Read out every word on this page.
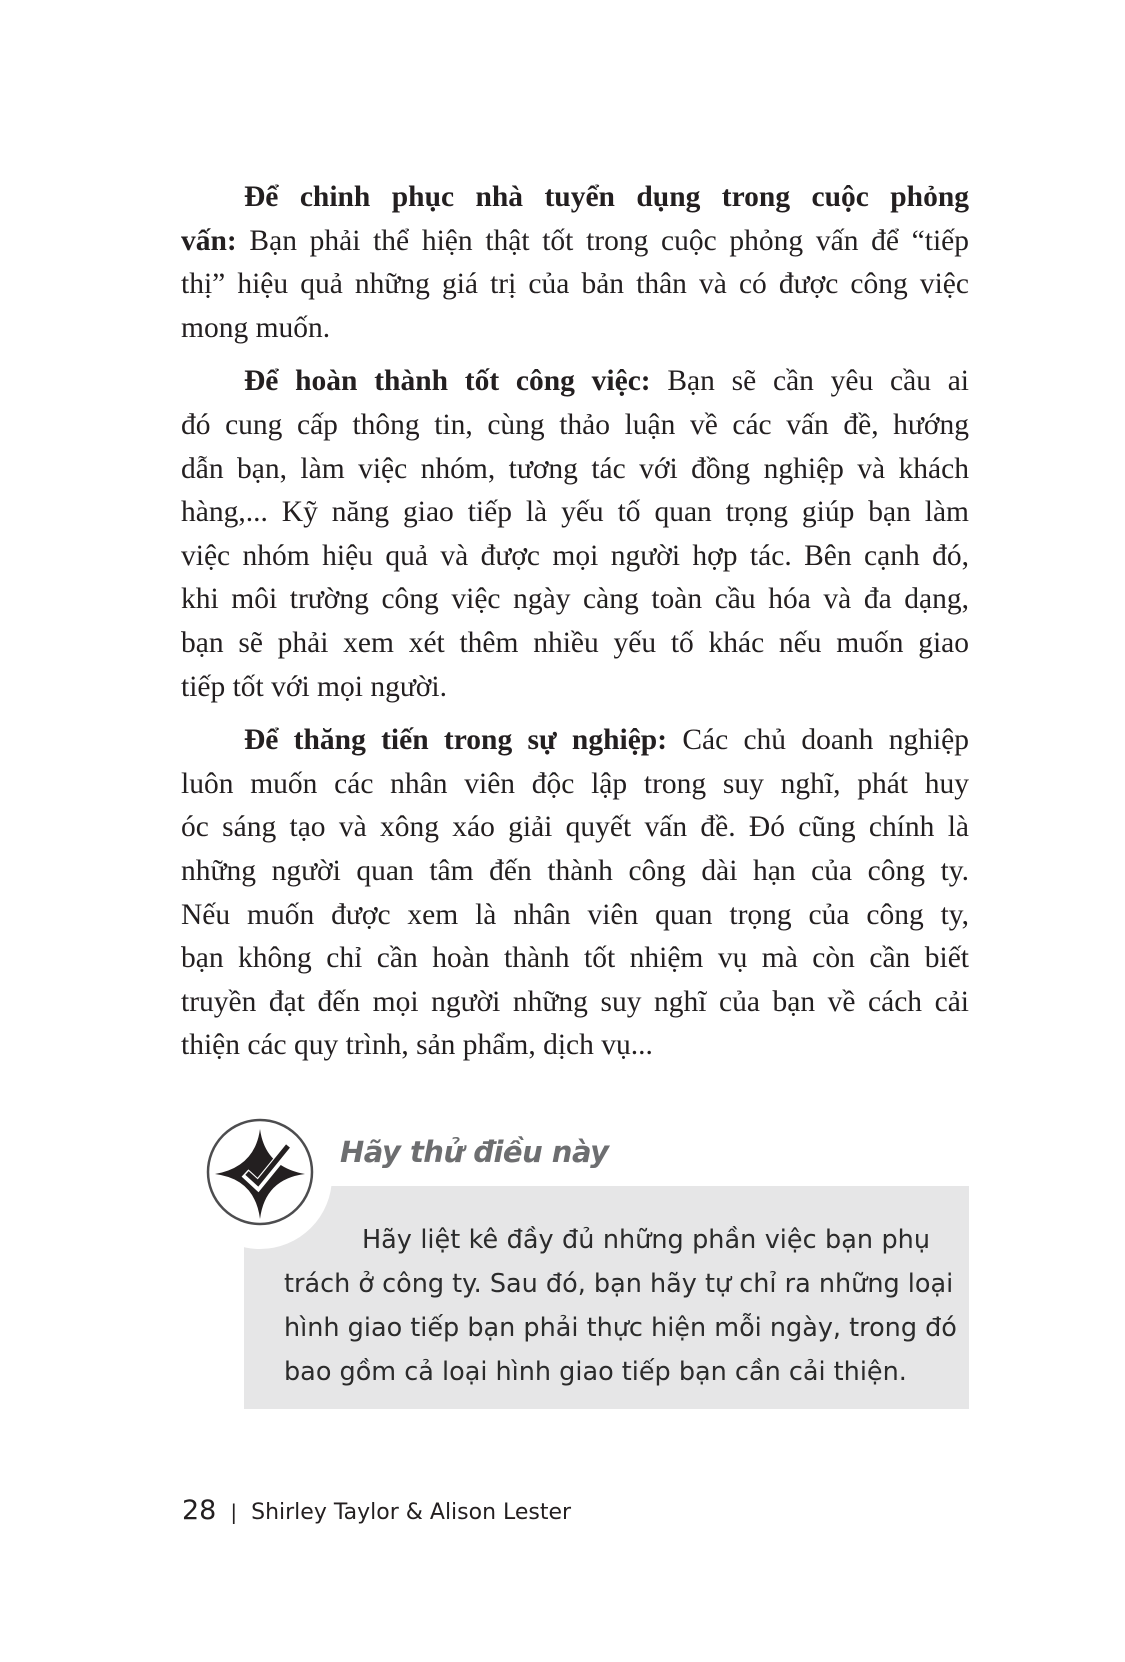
Để chinh phục nhà tuyển dụng trong cuộc phỏng
vấn: Bạn phải thể hiện thật tốt trong cuộc phỏng vấn để “tiếp
thị” hiệu quả những giá trị của bản thân và có được công việc
mong muốn.
Để hoàn thành tốt công việc: Bạn sẽ cần yêu cầu ai
đó cung cấp thông tin, cùng thảo luận về các vấn đề, hướng
dẫn bạn, làm việc nhóm, tương tác với đồng nghiệp và khách
hàng,... Kỹ năng giao tiếp là yếu tố quan trọng giúp bạn làm
việc nhóm hiệu quả và được mọi người hợp tác. Bên cạnh đó,
khi môi trường công việc ngày càng toàn cầu hóa và đa dạng,
bạn sẽ phải xem xét thêm nhiều yếu tố khác nếu muốn giao
tiếp tốt với mọi người.
Để thăng tiến trong sự nghiệp: Các chủ doanh nghiệp
luôn muốn các nhân viên độc lập trong suy nghĩ, phát huy
óc sáng tạo và xông xáo giải quyết vấn đề. Đó cũng chính là
những người quan tâm đến thành công dài hạn của công ty.
Nếu muốn được xem là nhân viên quan trọng của công ty,
bạn không chỉ cần hoàn thành tốt nhiệm vụ mà còn cần biết
truyền đạt đến mọi người những suy nghĩ của bạn về cách cải
thiện các quy trình, sản phẩm, dịch vụ...
Hãy thử điều này
Hãy liệt kê đầy đủ những phần việc bạn phụ
trách ở công ty. Sau đó, bạn hãy tự chỉ ra những loại
hình giao tiếp bạn phải thực hiện mỗi ngày, trong đó
bao gồm cả loại hình giao tiếp bạn cần cải thiện.
28 | Shirley Taylor & Alison Lester
